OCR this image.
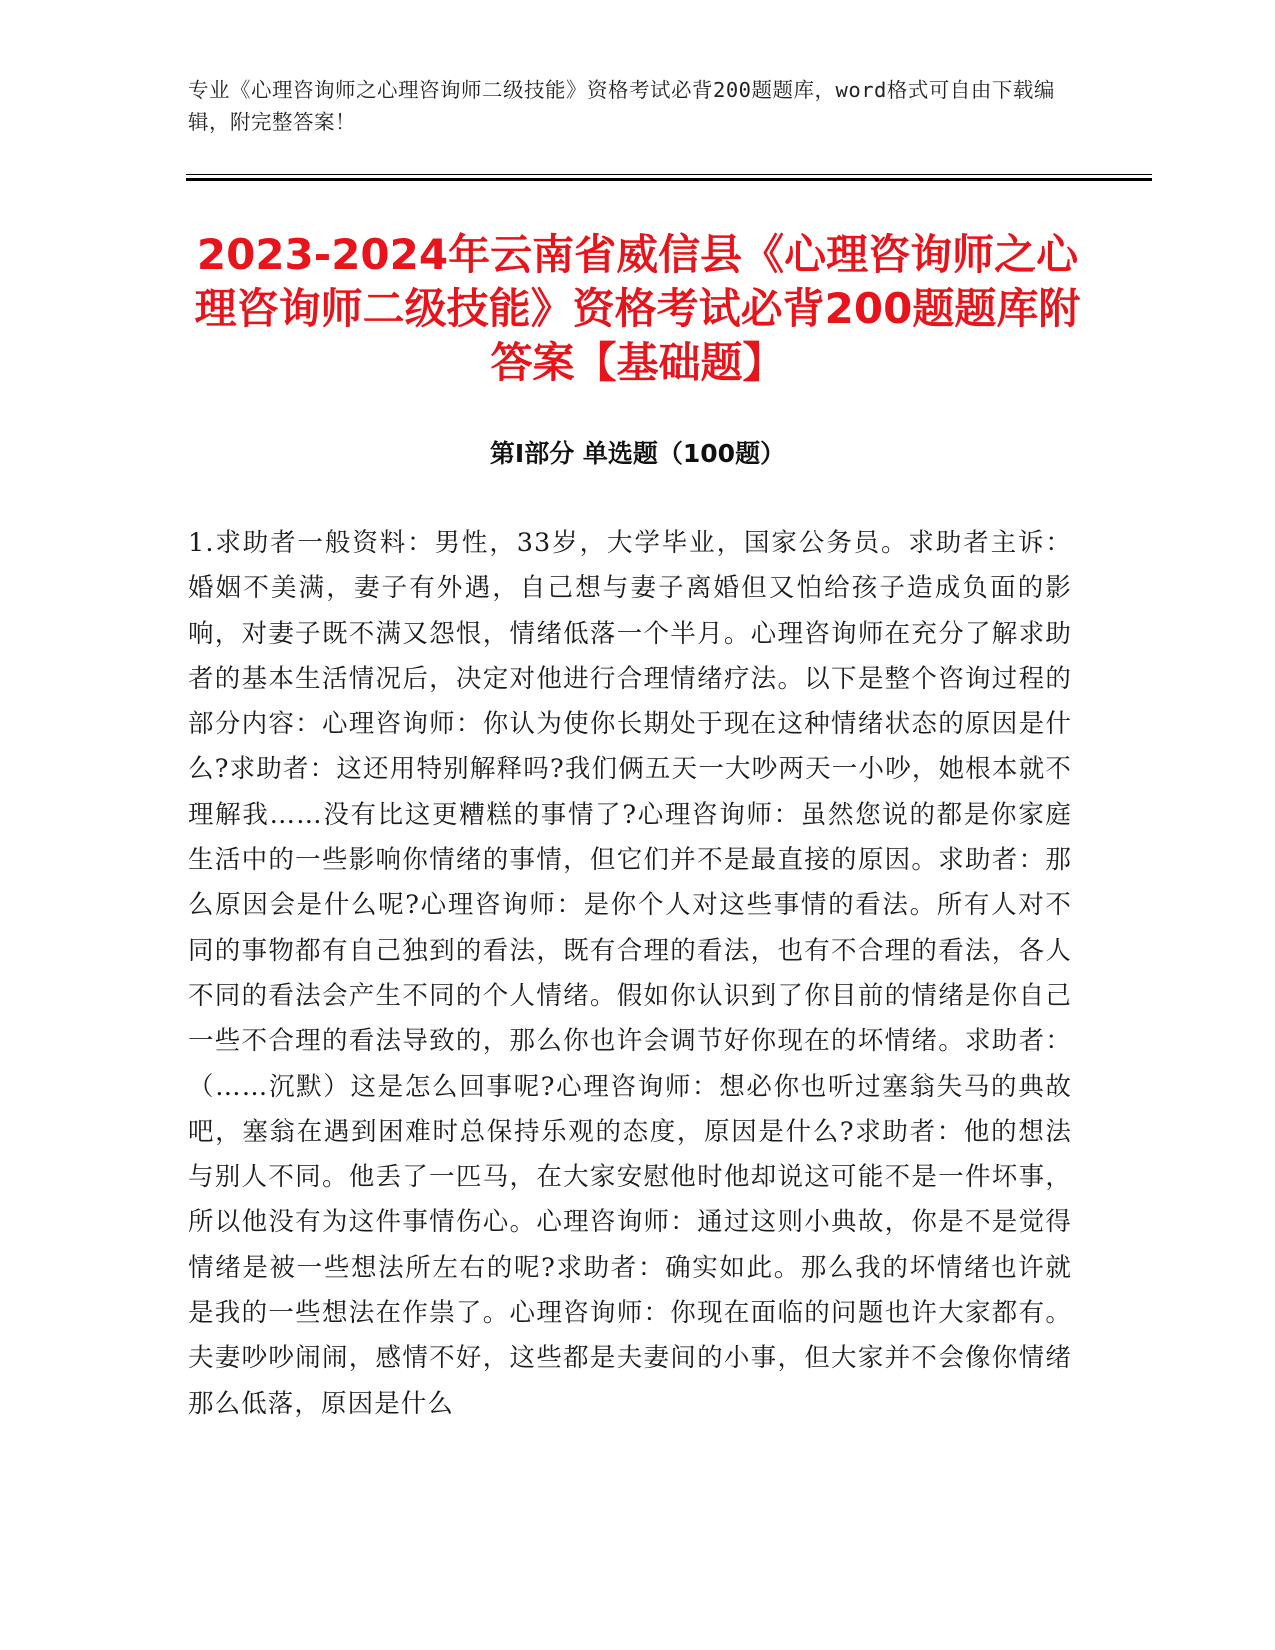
专业《心理咨询师之心理咨询师二级技能》资格考试必背200题题库，word格式可自由下载编辑，附完整答案！
2023-2024年云南省威信县《心理咨询师之心理咨询师二级技能》资格考试必背200题题库附答案【基础题】
第Ⅰ部分 单选题（100题）
1.求助者一般资料：男性，33岁，大学毕业，国家公务员。求助者主诉：婚姻不美满，妻子有外遇，自己想与妻子离婚但又怕给孩子造成负面的影响，对妻子既不满又怨恨，情绪低落一个半月。心理咨询师在充分了解求助者的基本生活情况后，决定对他进行合理情绪疗法。以下是整个咨询过程的部分内容：心理咨询师：你认为使你长期处于现在这种情绪状态的原因是什么?求助者：这还用特别解释吗?我们俩五天一大吵两天一小吵，她根本就不理解我……没有比这更糟糕的事情了?心理咨询师：虽然您说的都是你家庭生活中的一些影响你情绪的事情，但它们并不是最直接的原因。求助者：那么原因会是什么呢?心理咨询师：是你个人对这些事情的看法。所有人对不同的事物都有自己独到的看法，既有合理的看法，也有不合理的看法，各人不同的看法会产生不同的个人情绪。假如你认识到了你目前的情绪是你自己一些不合理的看法导致的，那么你也许会调节好你现在的坏情绪。求助者：（……沉默）这是怎么回事呢?心理咨询师：想必你也听过塞翁失马的典故吧，塞翁在遇到困难时总保持乐观的态度，原因是什么?求助者：他的想法与别人不同。他丢了一匹马，在大家安慰他时他却说这可能不是一件坏事，所以他没有为这件事情伤心。心理咨询师：通过这则小典故，你是不是觉得情绪是被一些想法所左右的呢?求助者：确实如此。那么我的坏情绪也许就是我的一些想法在作祟了。心理咨询师：你现在面临的问题也许大家都有。夫妻吵吵闹闹，感情不好，这些都是夫妻间的小事，但大家并不会像你情绪那么低落，原因是什么
